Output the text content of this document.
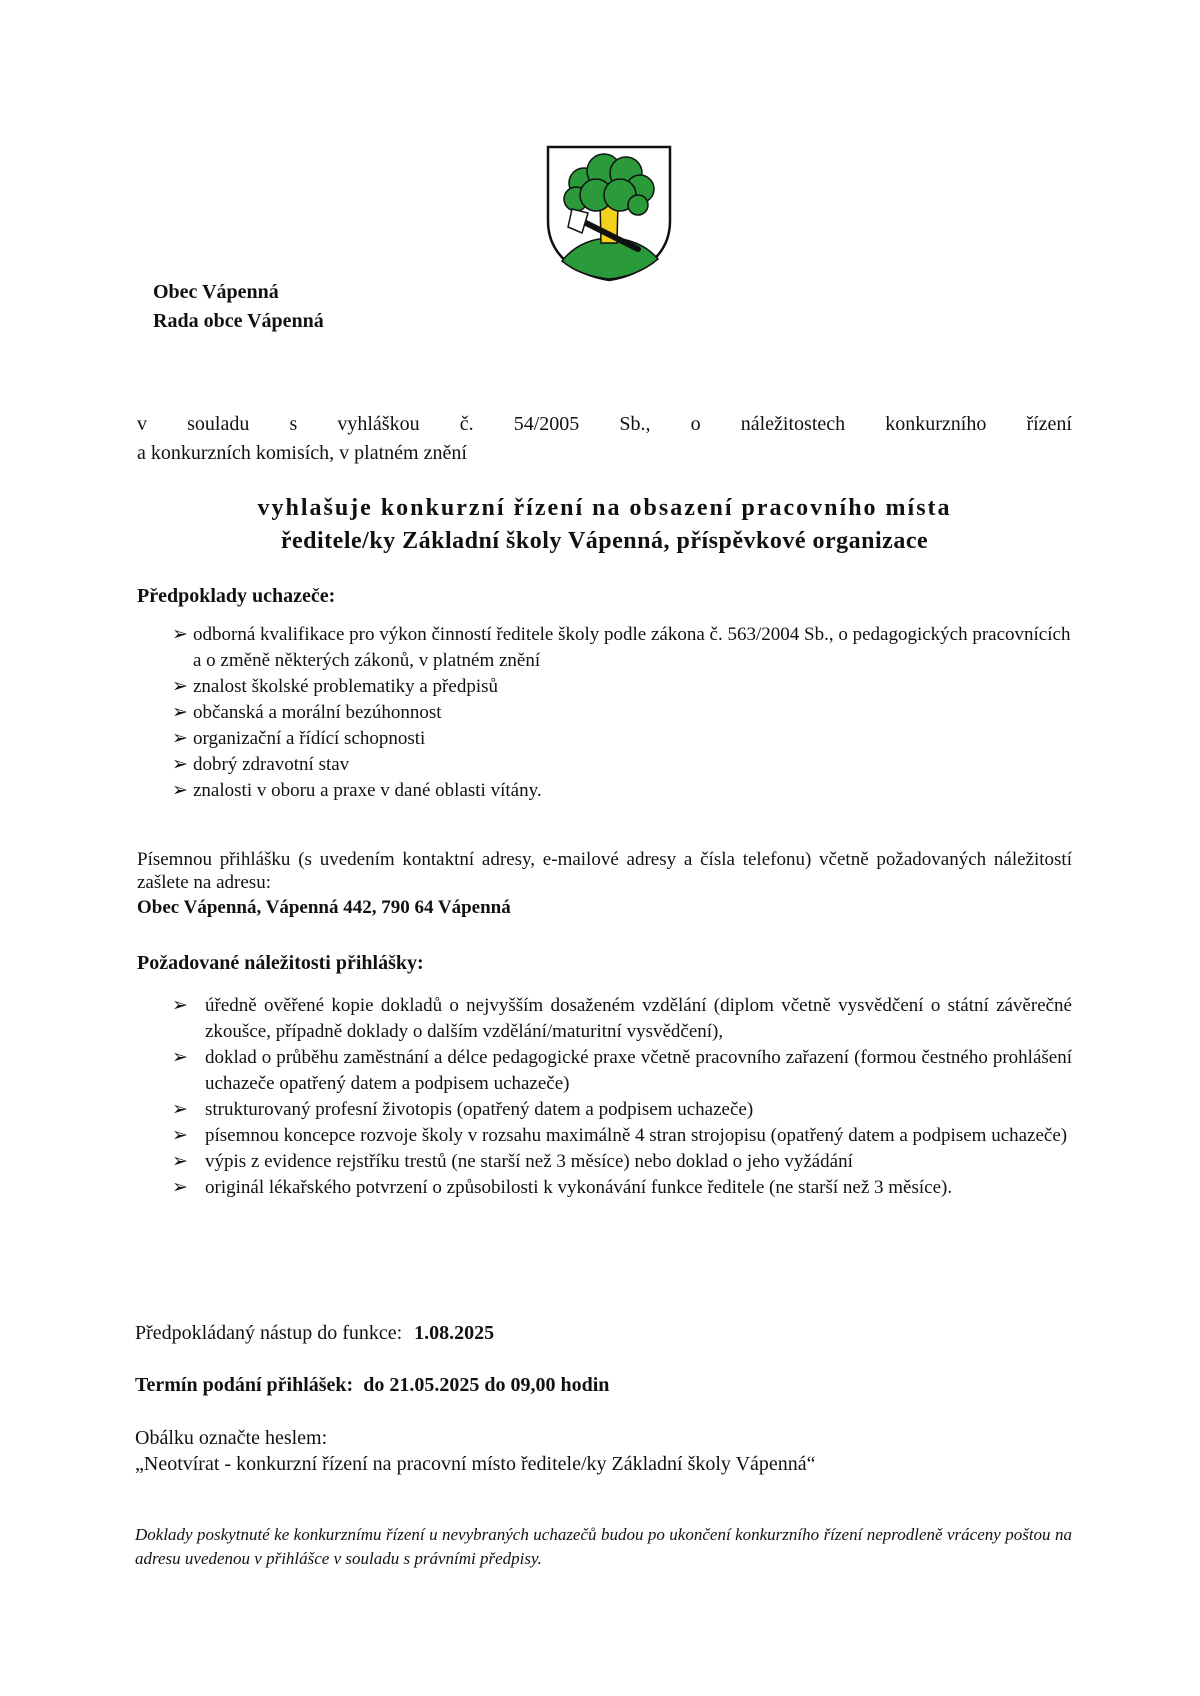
Obec Vápenná
Rada obce Vápenná
v souladu s vyhláškou č. 54/2005 Sb., o náležitostech konkurzního řízení
a konkurzních komisích, v platném znění
vyhlašuje konkurzní řízení na obsazení pracovního místa
ředitele/ky Základní školy Vápenná, příspěvkové organizace
Předpoklady uchazeče:
➢ odborná kvalifikace pro výkon činností ředitele školy podle zákona č. 563/2004 Sb., o pedagogických pracovnících a o změně některých zákonů, v platném znění
➢ znalost školské problematiky a předpisů
➢ občanská a morální bezúhonnost
➢ organizační a řídící schopnosti
➢ dobrý zdravotní stav
➢ znalosti v oboru a praxe v dané oblasti vítány.
Písemnou přihlášku (s uvedením kontaktní adresy, e-mailové adresy a čísla telefonu) včetně požadovaných náležitostí zašlete na adresu:
Obec Vápenná, Vápenná 442, 790 64 Vápenná
Požadované náležitosti přihlášky:
➢ úředně ověřené kopie dokladů o nejvyšším dosaženém vzdělání (diplom včetně vysvědčení o státní závěrečné zkoušce, případně doklady o dalším vzdělání/maturitní vysvědčení),
➢ doklad o průběhu zaměstnání a délce pedagogické praxe včetně pracovního zařazení (formou čestného prohlášení uchazeče opatřený datem a podpisem uchazeče)
➢ strukturovaný profesní životopis (opatřený datem a podpisem uchazeče)
➢ písemnou koncepce rozvoje školy v rozsahu maximálně 4 stran strojopisu (opatřený datem a podpisem uchazeče)
➢ výpis z evidence rejstříku trestů (ne starší než 3 měsíce) nebo doklad o jeho vyžádání
➢ originál lékařského potvrzení o způsobilosti k vykonávání funkce ředitele (ne starší než 3 měsíce).
Předpokládaný nástup do funkce: 1.08.2025
Termín podání přihlášek:  do 21.05.2025 do 09,00 hodin
Obálku označte heslem:
„Neotvírat - konkurzní řízení na pracovní místo ředitele/ky Základní školy Vápenná“
Doklady poskytnuté ke konkurznímu řízení u nevybraných uchazečů budou po ukončení konkurzního řízení neprodleně vráceny poštou na adresu uvedenou v přihlášce v souladu s právními předpisy.
